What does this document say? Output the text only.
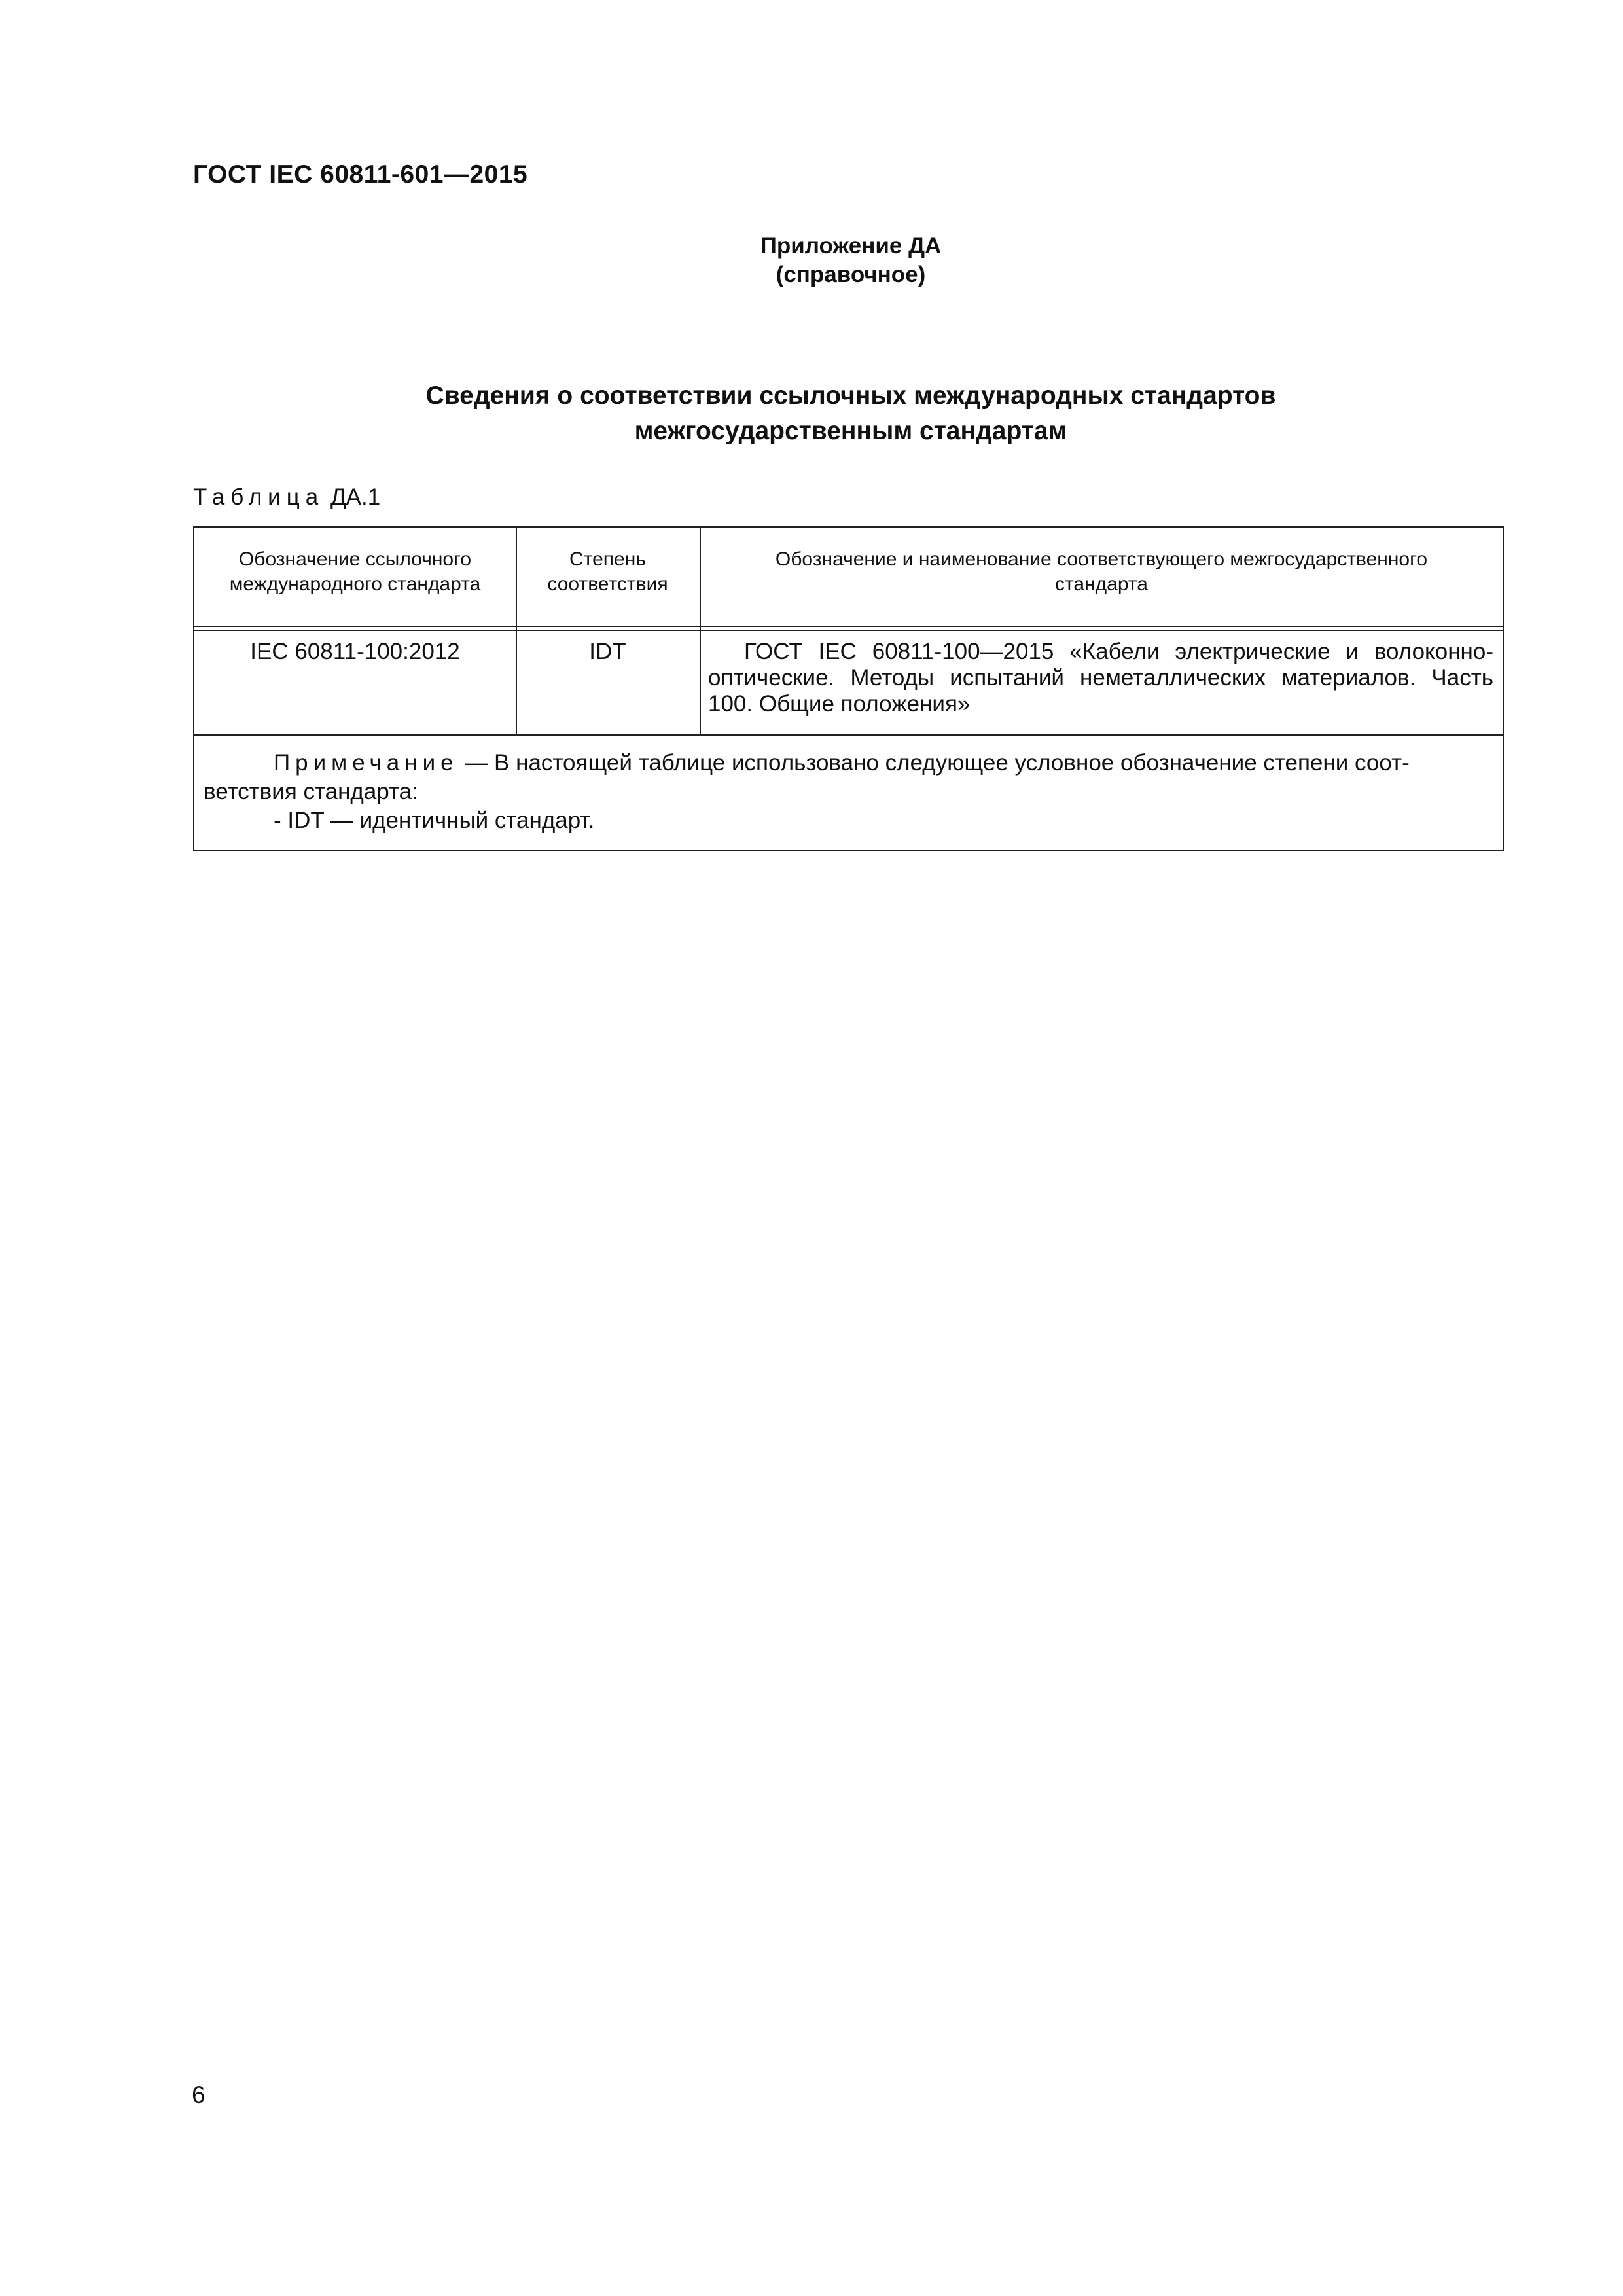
ГОСТ IEC 60811-601—2015
Приложение ДА
(справочное)
Сведения о соответствии ссылочных международных стандартов
межгосударственным стандартам
Таблица ДА.1
Обозначение ссылочного
международного стандарта
Степень
соответствия
Обозначение и наименование соответствующего межгосударственного
стандарта
IEC 60811-100:2012	IDT	ГОСТ IEC 60811-100—2015 «Кабели электрические и волоконно-оптические. Методы испытаний неметаллических материалов. Часть 100. Общие положения»
Примечание — В настоящей таблице использовано следующее условное обозначение степени соот-
ветствия стандарта:
- IDT — идентичный стандарт.
6
